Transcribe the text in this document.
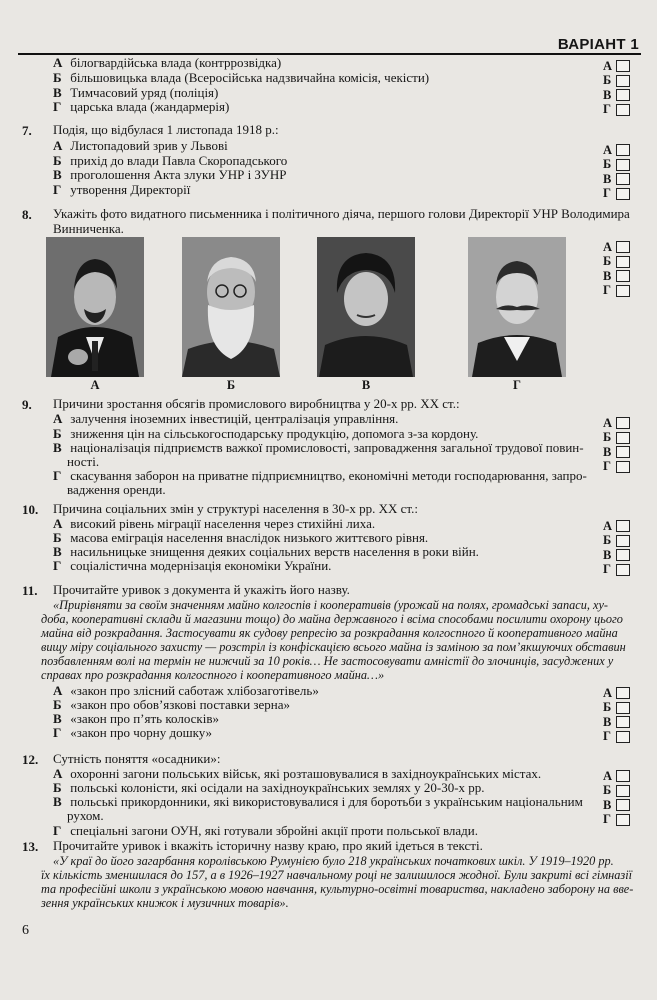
ВАРІАНТ 1
А білогвардійська влада (контррозвідка)
Б більшовицька влада (Всеросійська надзвичайна комісія, чекісти)
В Тимчасовий уряд (поліція)
Г царська влада (жандармерія)
А
Б
В
Г
7. Подія, що відбулася 1 листопада 1918 р.:
А Листопадовий зрив у Львові
Б прихід до влади Павла Скоропадського
В проголошення Акта злуки УНР і ЗУНР
Г утворення Директорії
А
Б
В
Г
8. Укажіть фото видатного письменника і політичного діяча, першого голови Директорії УНР Володимира
Винниченка.
А	Б	В	Г
А
Б
В
Г
9. Причини зростання обсягів промислового виробництва у 20-х рр. ХХ ст.:
А залучення іноземних інвестицій, централізація управління.
Б зниження цін на сільськогосподарську продукцію, допомога з-за кордону.
В націоналізація підприємств важкої промисловості, запровадження загальної трудової повин-
ності.
Г скасування заборон на приватне підприємництво, економічні методи господарювання, запро-
вадження оренди.
А
Б
В
Г
10. Причина соціальних змін у структурі населення в 30-х рр. ХХ ст.:
А високий рівень міграції населення через стихійні лиха.
Б масова еміграція населення внаслідок низького життєвого рівня.
В насильницьке знищення деяких соціальних верств населення в роки війн.
Г соціалістична модернізація економіки України.
А
Б
В
Г
11. Прочитайте уривок з документа й укажіть його назву.
«Прирівняти за своїм значенням майно колгоспів і кооперативів (урожай на полях, громадські запаси, ху-
доба, кооперативні склади й магазини тощо) до майна державного і всіма способами посилити охорону цього
майна від розкрадання. Застосувати як судову репресію за розкрадання колгоспного й кооперативного майна
вищу міру соціального захисту — розстріл із конфіскацією всього майна із заміною за пом’якшуючих обставин
позбавленням волі на термін не нижчий за 10 років… Не застосовувати амністії до злочинців, засуджених у
справах про розкрадання колгоспного і кооперативного майна…»
А «закон про злісний саботаж хлібозаготівель»
Б «закон про обов’язкові поставки зерна»
В «закон про п’ять колосків»
Г «закон про чорну дошку»
А
Б
В
Г
12. Сутність поняття «осадники»:
А охоронні загони польських військ, які розташовувалися в західноукраїнських містах.
Б польські колоністи, які осідали на західноукраїнських землях у 20-30-х рр.
В польські прикордонники, які використовувалися і для боротьби з українським національним
рухом.
Г спеціальні загони ОУН, які готували збройні акції проти польської влади.
А
Б
В
Г
13. Прочитайте уривок і вкажіть історичну назву краю, про який ідеться в тексті.
«У краї до його загарбання королівською Румунією було 218 українських початкових шкіл. У 1919–1920 рр.
їх кількість зменшилася до 157, а в 1926–1927 навчальному році не залишилося жодної. Були закриті всі гімназії
та професійні школи з українською мовою навчання, культурно-освітні товариства, накладено заборону на вве-
зення українських книжок і музичних товарів».
6
